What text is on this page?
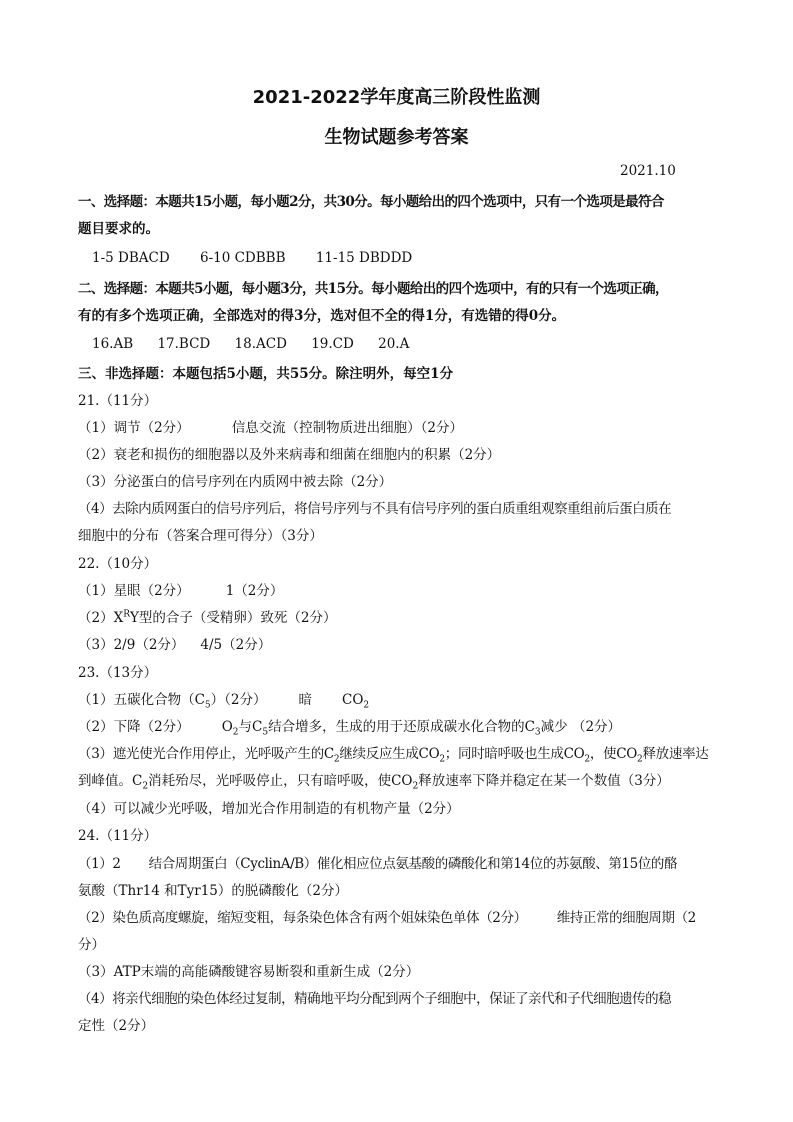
2021-2022学年度高三阶段性监测
生物试题参考答案
2021.10
一、选择题：本题共15小题，每小题2分，共30分。每小题给出的四个选项中，只有一个选项是最符合
题目要求的。
1-5 DBACD 6-10 CDBBB 11-15 DBDDD
二、选择题：本题共5小题，每小题3分，共15分。每小题给出的四个选项中，有的只有一个选项正确，
有的有多个选项正确，全部选对的得3分，选对但不全的得1分，有选错的得0分。
16.AB 17.BCD 18.ACD 19.CD 20.A
三、非选择题：本题包括5小题，共55分。除注明外，每空1分
21.（11分）
（1）调节（2分）	信息交流（控制物质进出细胞）（2分）
（2）衰老和损伤的细胞器以及外来病毒和细菌在细胞内的积累（2分）
（3）分泌蛋白的信号序列在内质网中被去除（2分）
（4）去除内质网蛋白的信号序列后，将信号序列与不具有信号序列的蛋白质重组观察重组前后蛋白质在
细胞中的分布（答案合理可得分）（3分）
22.（10分）
（1）星眼（2分）	1（2分）
$(2)X^RY$型的合子（受精卵）致死（2分）
（3）2/9（2分） 4/5（2分）
23.（13分）
（1）五碳化合物$(C_5)(2$分） 暗 $CO_2$
（2）下降（2分） $O_2$与$C_5$结合增多，生成的用于还原成碳水化合物的$C_3$减少 （2分）
（3）遮光使光合作用停止，光呼吸产生的$C_2$继续反应生成$CO_2$；同时暗呼吸也生成$CO_2$，使$CO_2$释放速率达
到峰值。$C_2$消耗殆尽，光呼吸停止，只有暗呼吸，使$CO_2$释放速率下降并稳定在某一个数值（3分）
（4）可以减少光呼吸，增加光合作用制造的有机物产量（2分）
24.（11分）
（1）2 结合周期蛋白（CyclinA/B）催化相应位点氨基酸的磷酸化和第14位的苏氨酸、第15位的酪
氨酸（Thr14 和Tyr15）的脱磷酸化（2分）
（2）染色质高度螺旋，缩短变粗，每条染色体含有两个姐妹染色单体（2分） 维持正常的细胞周期（2
分）
（3）ATP末端的高能磷酸键容易断裂和重新生成（2分）
（4）将亲代细胞的染色体经过复制，精确地平均分配到两个子细胞中，保证了亲代和子代细胞遗传的稳
定性（2分）
